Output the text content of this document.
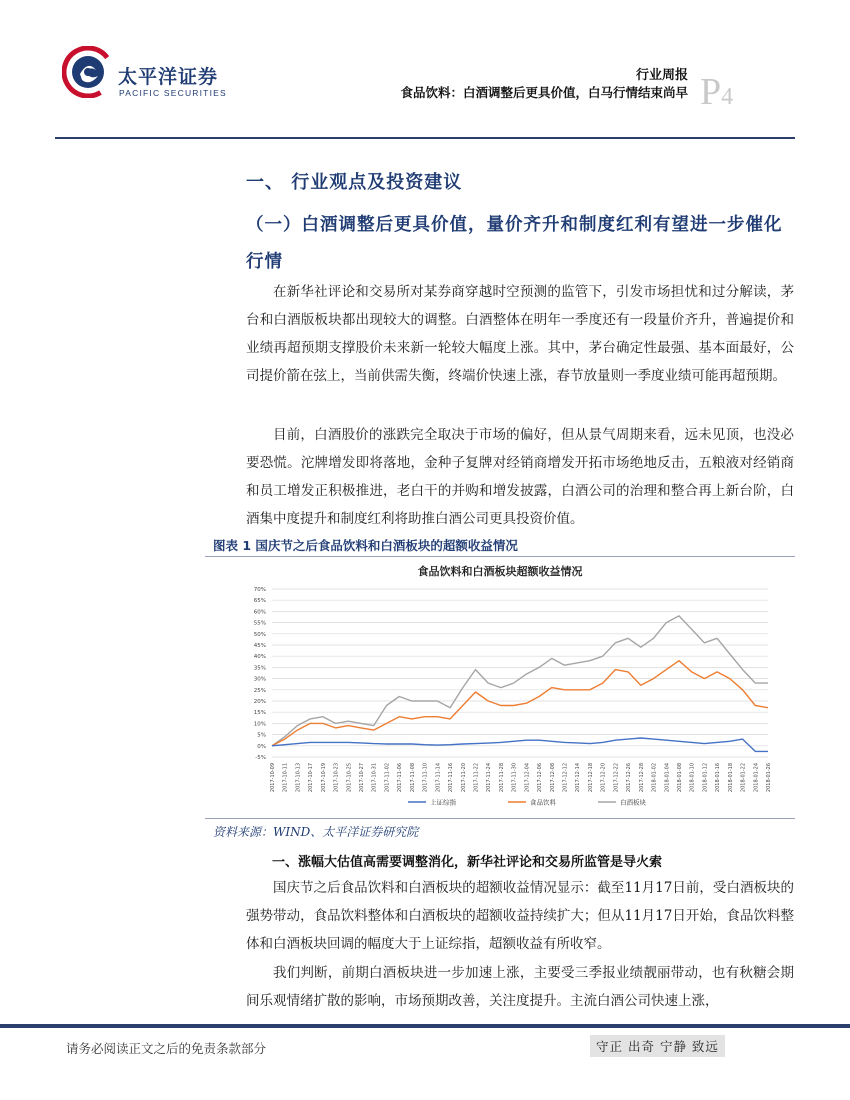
太平洋证券
PACIFIC SECURITIES
行业周报
食品饮料：白酒调整后更具价值，白马行情结束尚早 P4
一、 行业观点及投资建议
（一）白酒调整后更具价值，量价齐升和制度红利有望进一步催化行情
在新华社评论和交易所对某券商穿越时空预测的监管下，引发市场担忧和过分解读，茅台和白酒版板块都出现较大的调整。白酒整体在明年一季度还有一段量价齐升，普遍提价和业绩再超预期支撑股价未来新一轮较大幅度上涨。其中，茅台确定性最强、基本面最好，公司提价箭在弦上，当前供需失衡，终端价快速上涨，春节放量则一季度业绩可能再超预期。
目前，白酒股价的涨跌完全取决于市场的偏好，但从景气周期来看，远未见顶，也没必要恐慌。沱牌增发即将落地，金种子复牌对经销商增发开拓市场绝地反击，五粮液对经销商和员工增发正积极推进，老白干的并购和增发披露，白酒公司的治理和整合再上新台阶，白酒集中度提升和制度红利将助推白酒公司更具投资价值。
图表 1 国庆节之后食品饮料和白酒板块的超额收益情况
食品饮料和白酒板块超额收益情况
-5%
0%
5%
10%
15%
20%
25%
30%
35%
40%
45%
50%
55%
60%
65%
70%
2017-10-09 2017-10-11 2017-10-13 2017-10-17 2017-10-19 2017-10-23 2017-10-25 2017-10-27 2017-10-31 2017-11-02 2017-11-06 2017-11-08 2017-11-10 2017-11-14 2017-11-16 2017-11-20 2017-11-22 2017-11-24 2017-11-28 2017-11-30 2017-12-04 2017-12-06 2017-12-08 2017-12-12 2017-12-14 2017-12-18 2017-12-20 2017-12-22 2017-12-26 2017-12-28 2018-01-02 2018-01-04 2018-01-08 2018-01-10 2018-01-12 2018-01-16 2018-01-18 2018-01-22 2018-01-24 2018-01-26
上证综指	食品饮料	白酒板块
资料来源：WIND、太平洋证券研究院
一、涨幅大估值高需要调整消化，新华社评论和交易所监管是导火索
国庆节之后食品饮料和白酒板块的超额收益情况显示：截至11月17日前，受白酒板块的强势带动，食品饮料整体和白酒板块的超额收益持续扩大；但从11月17日开始，食品饮料整体和白酒板块回调的幅度大于上证综指，超额收益有所收窄。
我们判断，前期白酒板块进一步加速上涨，主要受三季报业绩靓丽带动，也有秋糖会期间乐观情绪扩散的影响，市场预期改善，关注度提升。主流白酒公司快速上涨，
请务必阅读正文之后的免责条款部分	守正 出奇 宁静 致远
